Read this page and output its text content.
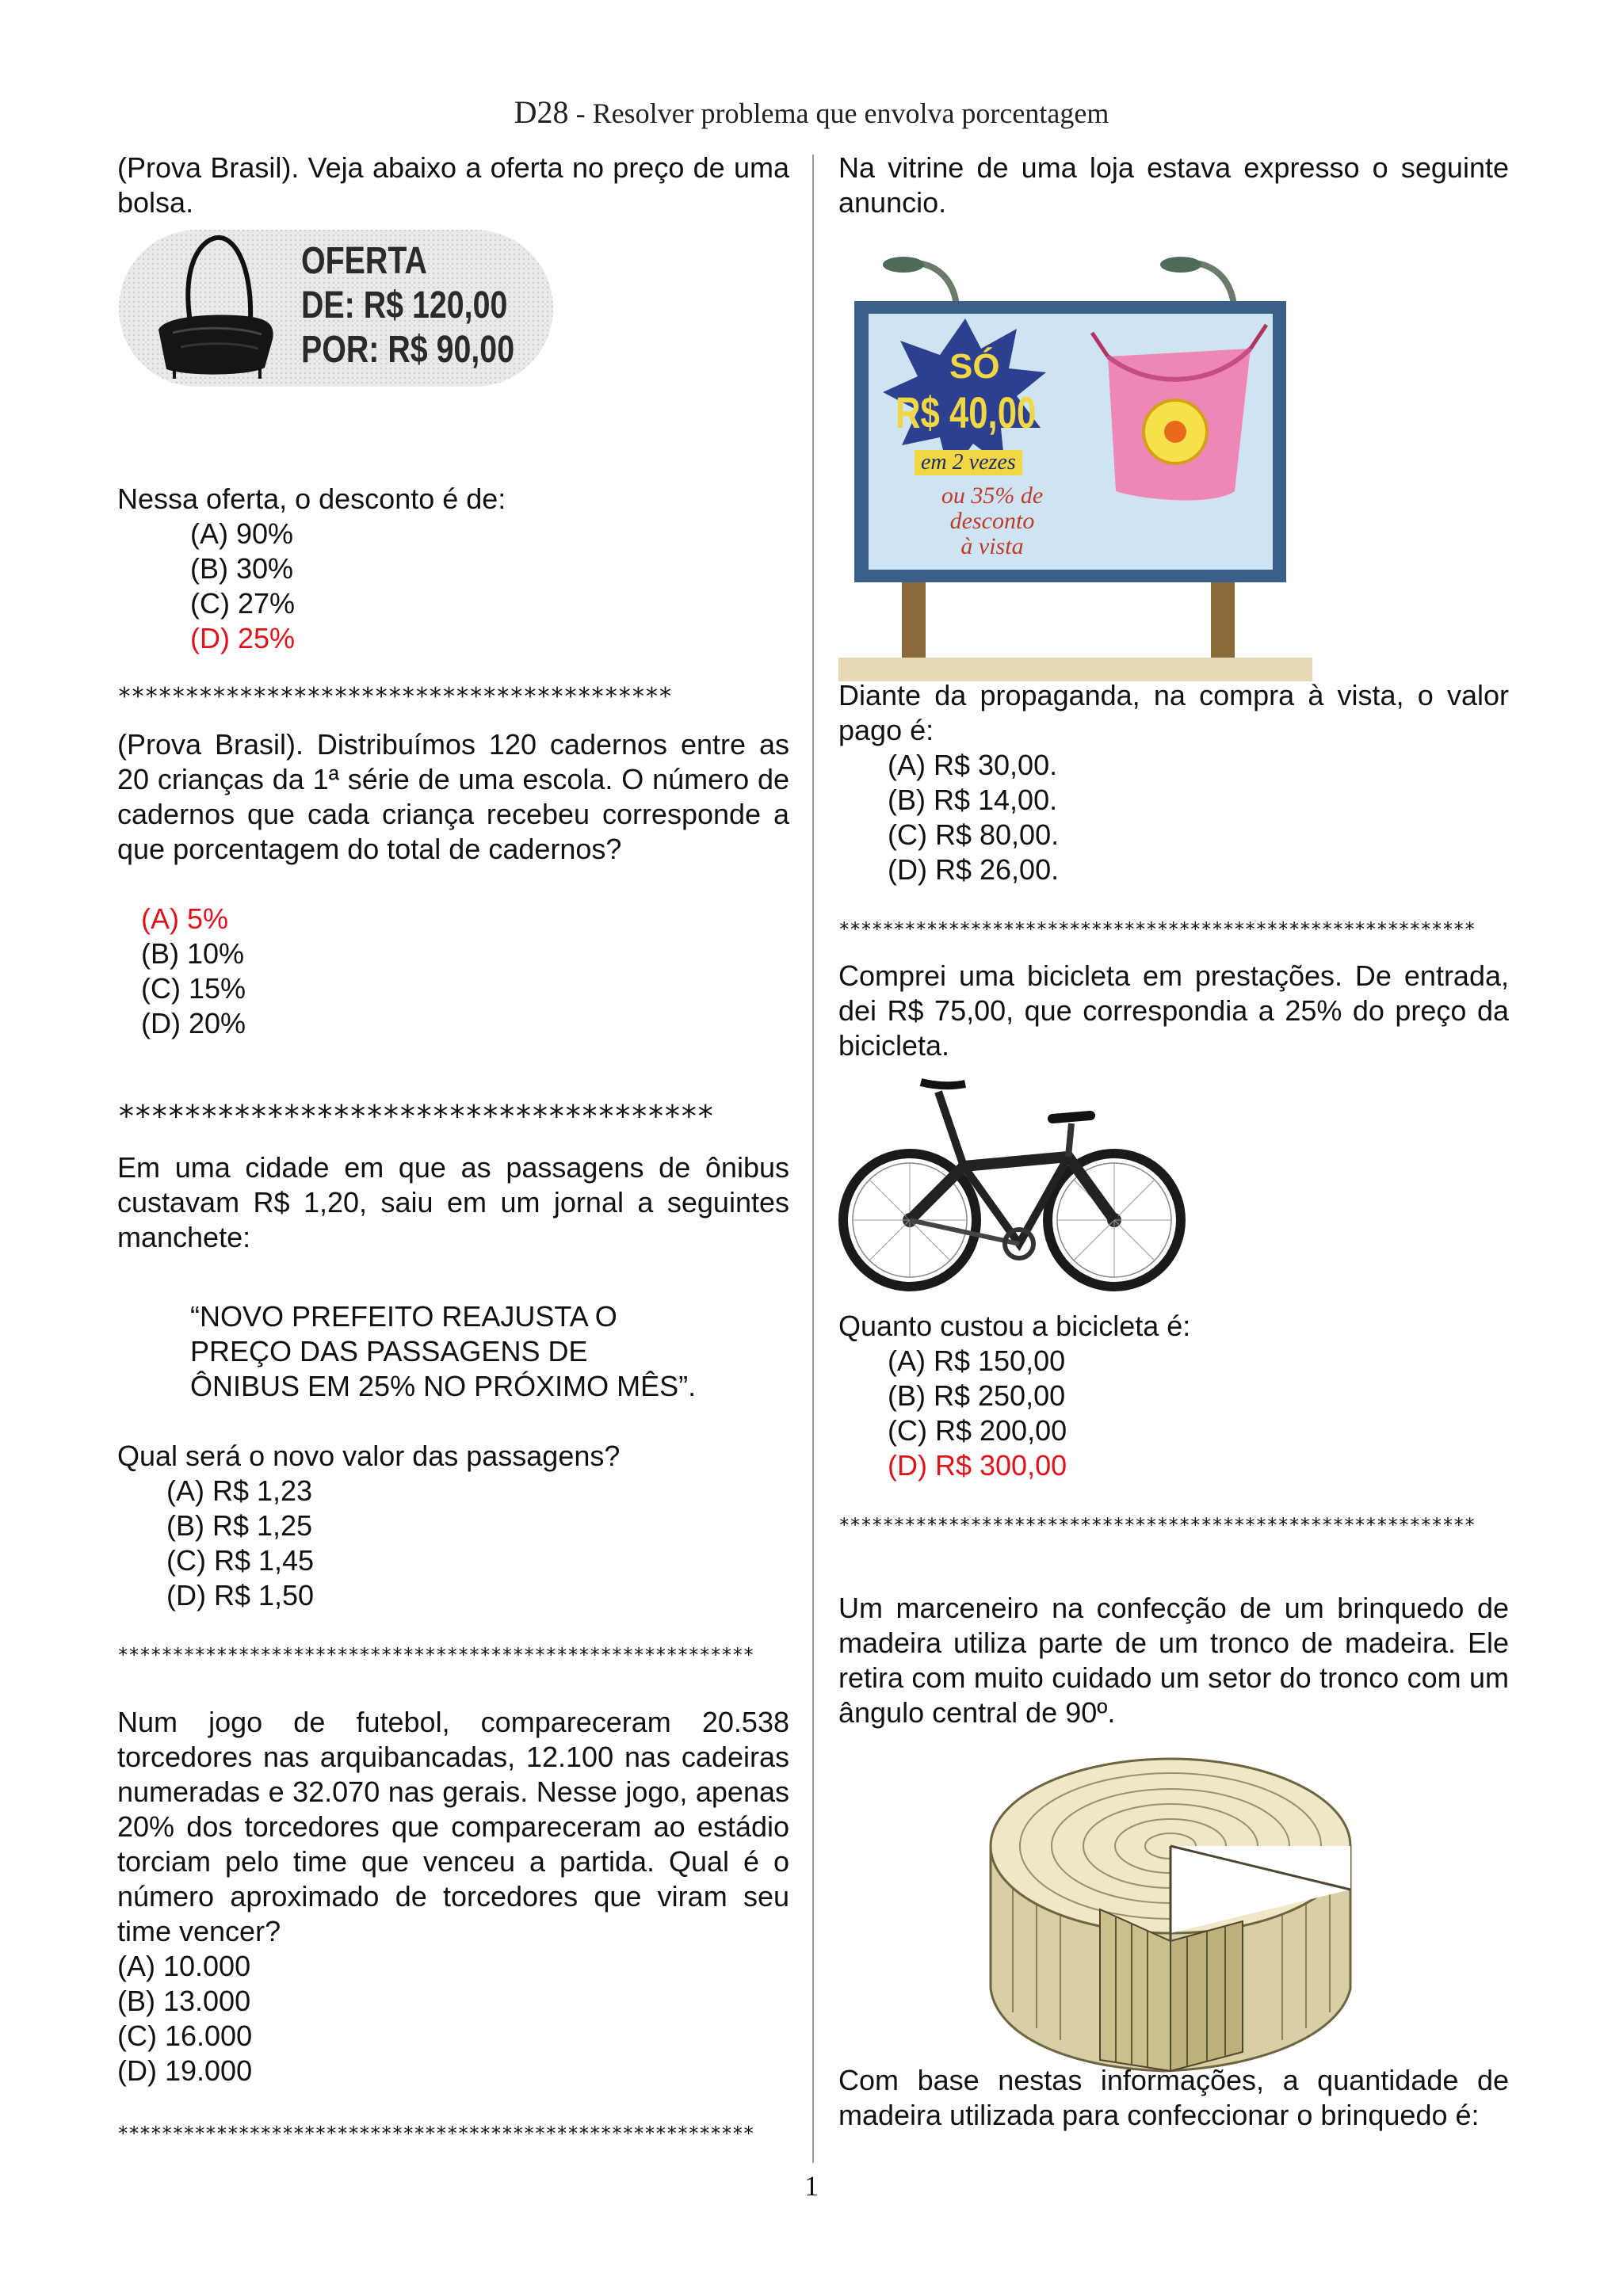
D28 - Resolver problema que envolva porcentagem

(Prova Brasil). Veja abaixo a oferta no preço de uma bolsa.

OFERTA
DE: R$ 120,00
POR: R$ 90,00

Nessa oferta, o desconto é de:

(A) 90%
(B) 30%
(C) 27%
(D) 25%
*****************************************

(Prova Brasil). Distribuímos 120 cadernos entre as 20 crianças da 1ª série de uma escola. O número de cadernos que cada criança recebeu corresponde a que porcentagem do total de cadernos?

(A) 5%
(B) 10%
(C) 15%
(D) 20%
************************************

Em uma cidade em que as passagens de ônibus custavam R$ 1,20, saiu em um jornal a seguintes manchete:

“NOVO PREFEITO REAJUSTA O
PREÇO DAS PASSAGENS DE
ÔNIBUS EM 25% NO PRÓXIMO MÊS”.

Qual será o novo valor das passagens?

(A) R$ 1,23
(B) R$ 1,25
(C) R$ 1,45
(D) R$ 1,50
**********************************************************

Num jogo de futebol, compareceram 20.538 torcedores nas arquibancadas, 12.100 nas cadeiras numeradas e 32.070 nas gerais. Nesse jogo, apenas 20% dos torcedores que compareceram ao estádio torciam pelo time que venceu a partida. Qual é o número aproximado de torcedores que viram seu time vencer?

(A) 10.000
(B) 13.000
(C) 16.000
(D) 19.000
**********************************************************

Na vitrine de uma loja estava expresso o seguinte anuncio.

SÓ
R$ 40,00
em 2 vezes
ou 35% de
desconto
à vista

Diante da propaganda, na compra à vista, o valor pago é:

(A) R$ 30,00.
(B) R$ 14,00.
(C) R$ 80,00.
(D) R$ 26,00.
**********************************************************

Comprei uma bicicleta em prestações. De entrada, dei R$ 75,00, que correspondia a 25% do preço da bicicleta.

Quanto custou a bicicleta é:

(A) R$ 150,00
(B) R$ 250,00
(C) R$ 200,00
(D) R$ 300,00
**********************************************************

Um marceneiro na confecção de um brinquedo de madeira utiliza parte de um tronco de madeira. Ele retira com muito cuidado um setor do tronco com um ângulo central de 90º.

Com base nestas informações, a quantidade de madeira utilizada para confeccionar o brinquedo é:

1
